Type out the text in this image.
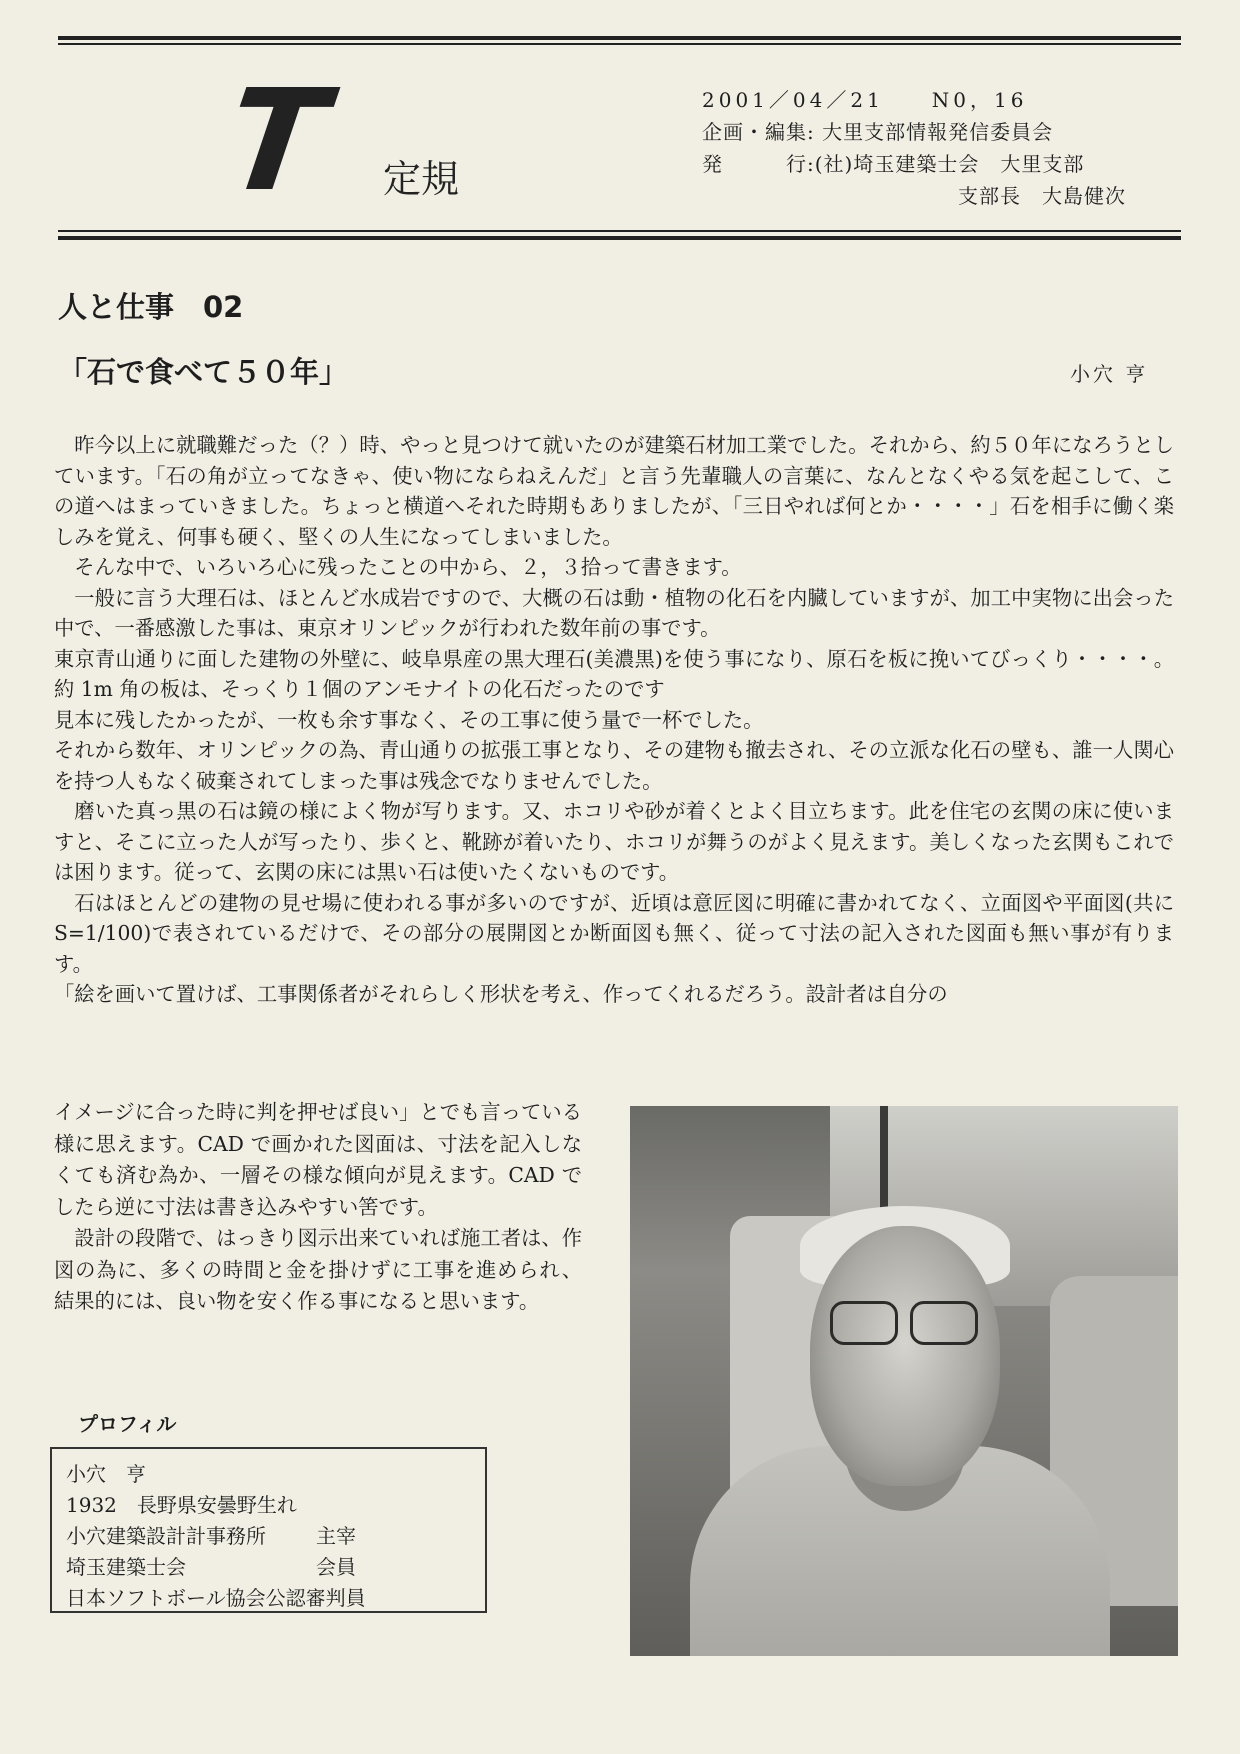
T 定規
2001／04／21　　N0，16
企画・編集: 大里支部情報発信委員会
発　　　行:(社)埼玉建築士会　大里支部
支部長　大島健次
人と仕事　02
「石で食べて５０年」	小穴 亨

昨今以上に就職難だった（？）時、やっと見つけて就いたのが建築石材加工業でした。それから、約５０年になろうとしています。「石の角が立ってなきゃ、使い物にならねえんだ」と言う先輩職人の言葉に、なんとなくやる気を起こして、この道へはまっていきました。ちょっと横道へそれた時期もありましたが、「三日やれば何とか・・・・」石を相手に働く楽しみを覚え、何事も硬く、堅くの人生になってしまいました。

そんな中で、いろいろ心に残ったことの中から、２，３拾って書きます。

一般に言う大理石は、ほとんど水成岩ですので、大概の石は動・植物の化石を内臓していますが、加工中実物に出会った中で、一番感激した事は、東京オリンピックが行われた数年前の事です。

東京青山通りに面した建物の外壁に、岐阜県産の黒大理石(美濃黒)を使う事になり、原石を板に挽いてびっくり・・・・。約 1m 角の板は、そっくり１個のアンモナイトの化石だったのです

見本に残したかったが、一枚も余す事なく、その工事に使う量で一杯でした。

それから数年、オリンピックの為、青山通りの拡張工事となり、その建物も撤去され、その立派な化石の壁も、誰一人関心を持つ人もなく破棄されてしまった事は残念でなりませんでした。

磨いた真っ黒の石は鏡の様によく物が写ります。又、ホコリや砂が着くとよく目立ちます。此を住宅の玄関の床に使いますと、そこに立った人が写ったり、歩くと、靴跡が着いたり、ホコリが舞うのがよく見えます。美しくなった玄関もこれでは困ります。従って、玄関の床には黒い石は使いたくないものです。

石はほとんどの建物の見せ場に使われる事が多いのですが、近頃は意匠図に明確に書かれてなく、立面図や平面図(共に　S=1/100)で表されているだけで、その部分の展開図とか断面図も無く、従って寸法の記入された図面も無い事が有ります。

「絵を画いて置けば、工事関係者がそれらしく形状を考え、作ってくれるだろう。設計者は自分の

イメージに合った時に判を押せば良い」とでも言っている様に思えます。CAD で画かれた図面は、寸法を記入しなくても済む為か、一層その様な傾向が見えます。CAD でしたら逆に寸法は書き込みやすい筈です。

設計の段階で、はっきり図示出来ていれば施工者は、作図の為に、多くの時間と金を掛けずに工事を進められ、結果的には、良い物を安く作る事になると思います。

プロフィル
小穴　亨
1932　長野県安曇野生れ
小穴建築設計計事務所	主宰
埼玉建築士会	会員
日本ソフトボール協会公認審判員
